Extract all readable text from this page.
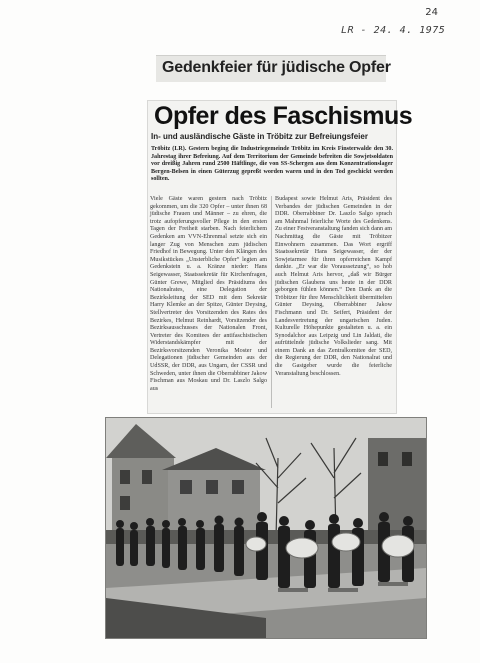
24
LR - 24. 4. 1975
Gedenkfeier für jüdische Opfer
Opfer des Faschismus
In- und ausländische Gäste in Tröbitz zur Befreiungsfeier
Tröbitz (LR). Gestern beging die Industriegemeinde Tröbitz im Kreis Finsterwalde den 30. Jahrestag ihrer Befreiung. Auf dem Territorium der Gemeinde befreiten die Sowjetsoldaten vor dreißig Jahren rund 2500 Häftlinge, die von SS-Schergen aus dem Konzentrationslager Bergen-Belsen in einen Güterzug gepreßt worden waren und in den Tod geschickt werden sollten.
Viele Gäste waren gestern nach Tröbitz gekommen, um die 320 Opfer – unter ihnen 68 jüdische Frauen und Männer – zu ehren, die trotz aufopferungsvoller Pflege in den ersten Tagen der Freiheit starben. Nach feierlichem Gedenken am VVN-Ehrenmal setzte sich ein langer Zug von Menschen zum jüdischen Friedhof in Bewegung. Unter den Klängen des Musikstückes „Unsterbliche Opfer“ legten am Gedenkstein u. a. Kränze nieder: Hans Seigewasser, Staatssekretär für Kirchenfragen, Günter Grewe, Mitglied des Präsidiums des Nationalrates, eine Delegation der Bezirksleitung der SED mit dem Sekretär Harry Klemke an der Spitze, Günter Deysing, Stellvertreter des Vorsitzenden des Rates des Bezirkes, Helmut Reinhardt, Vorsitzender des Bezirksausschusses der Nationalen Front, Vertreter des Komitees der antifaschistischen Widerstandskämpfer mit der Bezirksvorsitzenden Veronika Moster und Delegationen jüdischer Gemeinden aus der UdSSR, der DDR, aus Ungarn, der CSSR und Schweden, unter ihnen die Oberrabbiner Jakow Fischman aus Moskau und Dr. Laszlo Salgo aus
Budapest sowie Helmut Aris, Präsident des Verbandes der jüdischen Gemeinden in der DDR. Oberrabbiner Dr. Laszlo Salgo sprach am Mahnmal feierliche Worte des Gedenkens. Zu einer Festveranstaltung fanden sich dann am Nachmittag die Gäste mit Tröbitzer Einwohnern zusammen. Das Wort ergriff Staatssekretär Hans Seigewasser, der der Sowjetarmee für ihren opferreichen Kampf dankte. „Er war die Voraussetzung“, so hob auch Helmut Aris hervor, „daß wir Bürger jüdischen Glaubens uns heute in der DDR geborgen fühlen können.“ Den Dank an die Tröbitzer für ihre Menschlichkeit übermittelten Günter Deysing, Oberrabbiner Jakow Fischmann und Dr. Seifert, Präsident der Landesvertretung der ungarischen Juden. Kulturelle Höhepunkte gestalteten u. a. ein Synodalchor aus Leipzig und Lin Jaldati, die aufrüttelnde jüdische Volkslieder sang. Mit einem Dank an das Zentralkomitee der SED, die Regierung der DDR, den Nationalrat und die Gastgeber wurde die feierliche Veranstaltung beschlossen.
